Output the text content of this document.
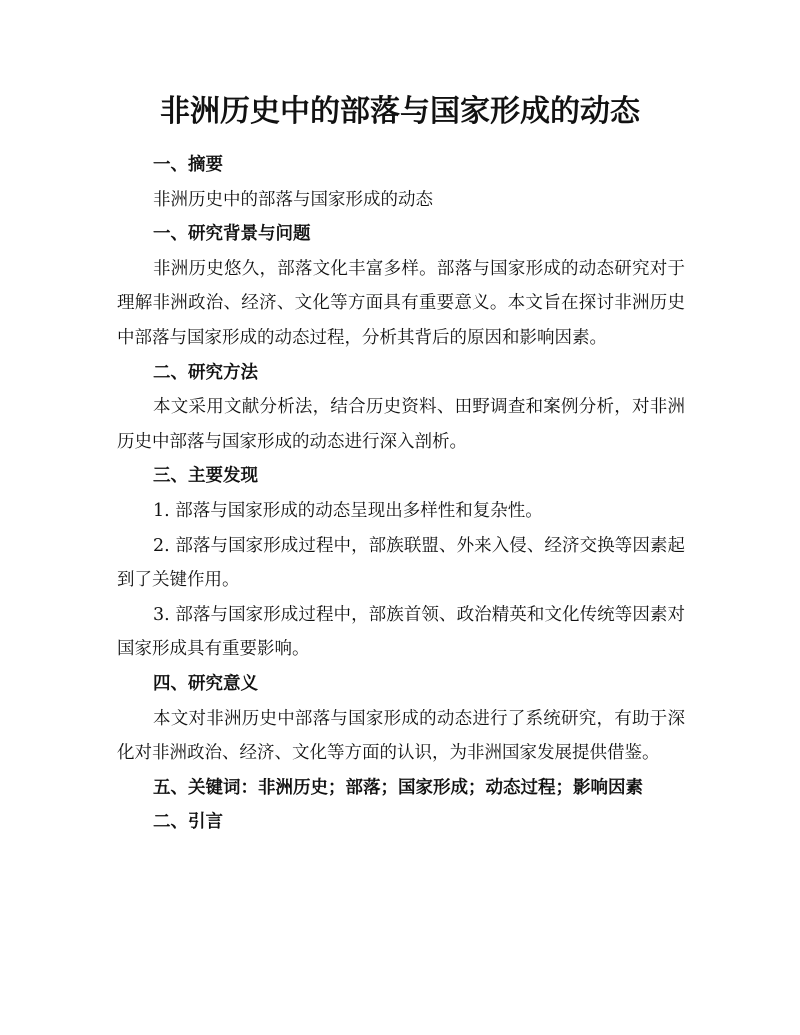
非洲历史中的部落与国家形成的动态

一、摘要

非洲历史中的部落与国家形成的动态

一、研究背景与问题

非洲历史悠久，部落文化丰富多样。部落与国家形成的动态研究对于理解非洲政治、经济、文化等方面具有重要意义。本文旨在探讨非洲历史中部落与国家形成的动态过程，分析其背后的原因和影响因素。

二、研究方法

本文采用文献分析法，结合历史资料、田野调查和案例分析，对非洲历史中部落与国家形成的动态进行深入剖析。

三、主要发现

1. 部落与国家形成的动态呈现出多样性和复杂性。

2. 部落与国家形成过程中，部族联盟、外来入侵、经济交换等因素起到了关键作用。

3. 部落与国家形成过程中，部族首领、政治精英和文化传统等因素对国家形成具有重要影响。

四、研究意义

本文对非洲历史中部落与国家形成的动态进行了系统研究，有助于深化对非洲政治、经济、文化等方面的认识，为非洲国家发展提供借鉴。

五、关键词：非洲历史；部落；国家形成；动态过程；影响因素

二、引言
